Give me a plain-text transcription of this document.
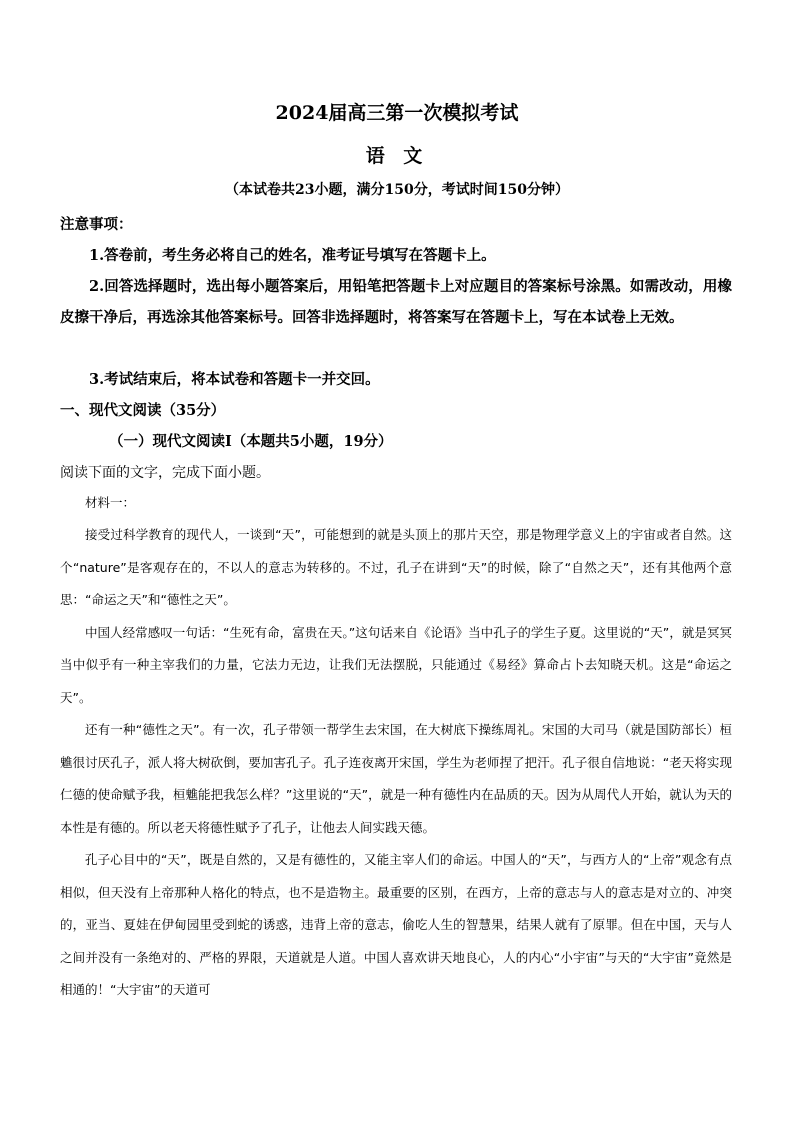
2024届高三第一次模拟考试
语 文
（本试卷共23小题，满分150分，考试时间150分钟）
注意事项：
1.答卷前，考生务必将自己的姓名，准考证号填写在答题卡上。
2.回答选择题时，选出每小题答案后，用铅笔把答题卡上对应题目的答案标号涂黑。如需改动，用橡皮擦干净后，再选涂其他答案标号。回答非选择题时，将答案写在答题卡上，写在本试卷上无效。
3.考试结束后，将本试卷和答题卡一并交回。
一、现代文阅读（35分）
（一）现代文阅读Ⅰ（本题共5小题，19分）
阅读下面的文字，完成下面小题。
材料一：

接受过科学教育的现代人，一谈到“天”，可能想到的就是头顶上的那片天空，那是物理学意义上的宇宙或者自然。这个“nature”是客观存在的，不以人的意志为转移的。不过，孔子在讲到“天”的时候，除了“自然之天”，还有其他两个意思：“命运之天”和“德性之天”。

中国人经常感叹一句话：“生死有命，富贵在天。”这句话来自《论语》当中孔子的学生子夏。这里说的“天”，就是冥冥当中似乎有一种主宰我们的力量，它法力无边，让我们无法摆脱，只能通过《易经》算命占卜去知晓天机。这是“命运之天”。

还有一种“德性之天”。有一次，孔子带领一帮学生去宋国，在大树底下操练周礼。宋国的大司马（就是国防部长）桓魋很讨厌孔子，派人将大树砍倒，要加害孔子。孔子连夜离开宋国，学生为老师捏了把汗。孔子很自信地说：“老天将实现仁德的使命赋予我，桓魋能把我怎么样？”这里说的“天”，就是一种有德性内在品质的天。因为从周代人开始，就认为天的本性是有德的。所以老天将德性赋予了孔子，让他去人间实践天德。

孔子心目中的“天”，既是自然的，又是有德性的，又能主宰人们的命运。中国人的“天”，与西方人的“上帝”观念有点相似，但天没有上帝那种人格化的特点，也不是造物主。最重要的区别，在西方，上帝的意志与人的意志是对立的、冲突的，亚当、夏娃在伊甸园里受到蛇的诱惑，违背上帝的意志，偷吃人生的智慧果，结果人就有了原罪。但在中国，天与人之间并没有一条绝对的、严格的界限，天道就是人道。中国人喜欢讲天地良心，人的内心“小宇宙”与天的“大宇宙”竟然是相通的！“大宇宙”的天道可
